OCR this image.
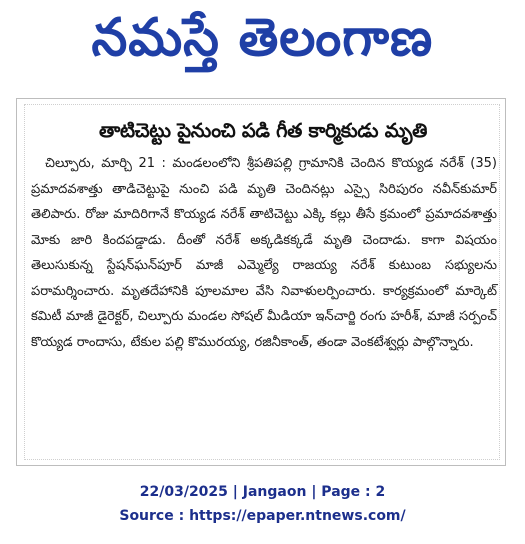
నమస్తే తెలంగాణ
తాటిచెట్టు పైనుంచి పడి గీత కార్మికుడు మృతి

చిల్పూరు, మార్చి 21 : మండలంలోని శ్రీపతిపల్లి గ్రామానికి చెందిన కొయ్యడ నరేశ్ (35) ప్రమాదవశాత్తు తాడిచెట్టుపై నుంచి పడి మృతి చెందినట్లు ఎస్సై సిరిపురం నవీన్‌కుమార్ తెలిపారు. రోజు మాదిరిగానే కొయ్యడ నరేశ్ తాటిచెట్టు ఎక్కి కల్లు తీసే క్రమంలో ప్రమాదవశాత్తు మోకు జారి కిందపడ్డాడు. దీంతో నరేశ్ అక్కడికక్కడే మృతి చెందాడు. కాగా విషయం తెలుసుకున్న స్టేషన్‌ఘన్‌పూర్ మాజీ ఎమ్మెల్యే రాజయ్య నరేశ్ కుటుంబ సభ్యులను పరామర్శించారు. మృతదేహానికి పూలమాల వేసి నివాళులర్పించారు. కార్యక్రమంలో మార్కెట్ కమిటీ మాజీ డైరెక్టర్, చిల్పూరు మండల సోషల్ మీడియా ఇన్‌చార్జి రంగు హరీశ్, మాజీ సర్పంచ్ కొయ్యడ రాందాసు, టేకుల పల్లి కొమురయ్య, రజినీకాంత్, తండా వెంకటేశ్వర్లు పాల్గొన్నారు.

22/03/2025 | Jangaon | Page : 2
Source : https://epaper.ntnews.com/
